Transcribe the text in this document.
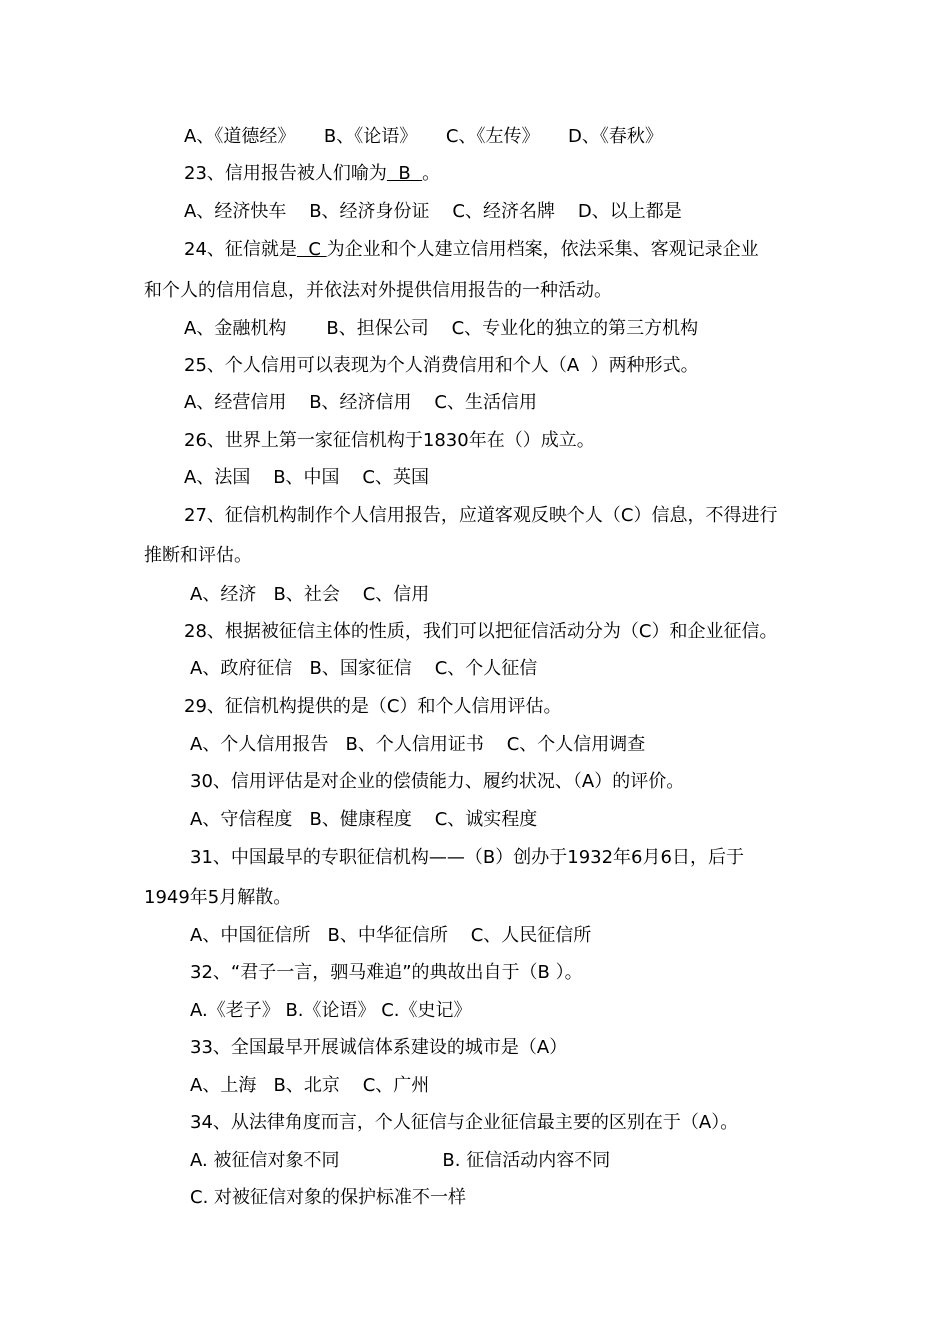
A、《道德经》     B、《论语》     C、《左传》     D、《春秋》
23、信用报告被人们喻为  B  。
A、经济快车    B、经济身份证    C、经济名牌    D、以上都是
24、征信就是  C 为企业和个人建立信用档案，依法采集、客观记录企业
和个人的信用信息，并依法对外提供信用报告的一种活动。
A、金融机构       B、担保公司    C、专业化的独立的第三方机构
25、个人信用可以表现为个人消费信用和个人（A  ）两种形式。
A、经营信用    B、经济信用    C、生活信用
26、世界上第一家征信机构于1830年在（）成立。
A、法国    B、中国    C、英国
27、征信机构制作个人信用报告，应道客观反映个人（C）信息，不得进行
推断和评估。
A、经济   B、社会    C、信用
28、根据被征信主体的性质，我们可以把征信活动分为（C）和企业征信。
A、政府征信   B、国家征信    C、个人征信
29、征信机构提供的是（C）和个人信用评估。
A、个人信用报告   B、个人信用证书    C、个人信用调查
30、信用评估是对企业的偿债能力、履约状况、（A）的评价。
A、守信程度   B、健康程度    C、诚实程度
31、中国最早的专职征信机构——（B）创办于1932年6月6日，后于
1949年5月解散。
A、中国征信所   B、中华征信所    C、人民征信所
32、“君子一言，驷马难追”的典故出自于（B ）。
A.《老子》 B.《论语》 C.《史记》
33、全国最早开展诚信体系建设的城市是（A）
A、上海   B、北京    C、广州
34、从法律角度而言，个人征信与企业征信最主要的区别在于（A）。
A. 被征信对象不同                  B. 征信活动内容不同
C. 对被征信对象的保护标准不一样
